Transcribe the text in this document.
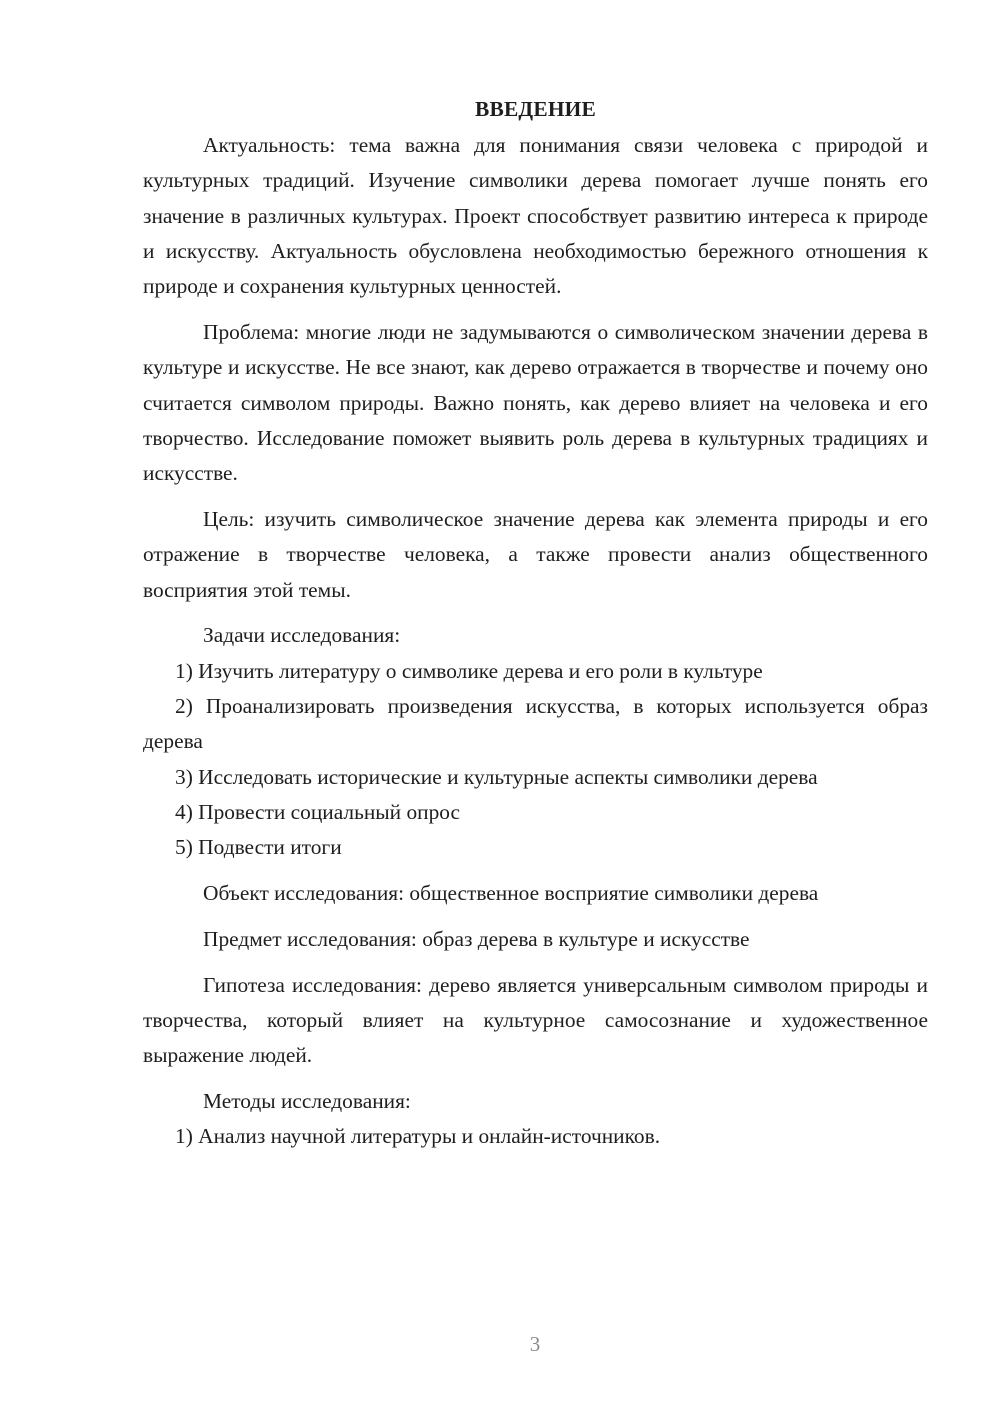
ВВЕДЕНИЕ

Актуальность: тема важна для понимания связи человека с природой и культурных традиций. Изучение символики дерева помогает лучше понять его значение в различных культурах. Проект способствует развитию интереса к природе и искусству. Актуальность обусловлена необходимостью бережного отношения к природе и сохранения культурных ценностей.

Проблема: многие люди не задумываются о символическом значении дерева в культуре и искусстве. Не все знают, как дерево отражается в творчестве и почему оно считается символом природы. Важно понять, как дерево влияет на человека и его творчество. Исследование поможет выявить роль дерева в культурных традициях и искусстве.

Цель: изучить символическое значение дерева как элемента природы и его отражение в творчестве человека, а также провести анализ общественного восприятия этой темы.

Задачи исследования:

1) Изучить литературу о символике дерева и его роли в культуре

2) Проанализировать произведения искусства, в которых используется образ дерева

3) Исследовать исторические и культурные аспекты символики дерева

4) Провести социальный опрос

5) Подвести итоги

Объект исследования: общественное восприятие символики дерева

Предмет исследования: образ дерева в культуре и искусстве

Гипотеза исследования: дерево является универсальным символом природы и творчества, который влияет на культурное самосознание и художественное выражение людей.

Методы исследования:

1) Анализ научной литературы и онлайн-источников.

3
